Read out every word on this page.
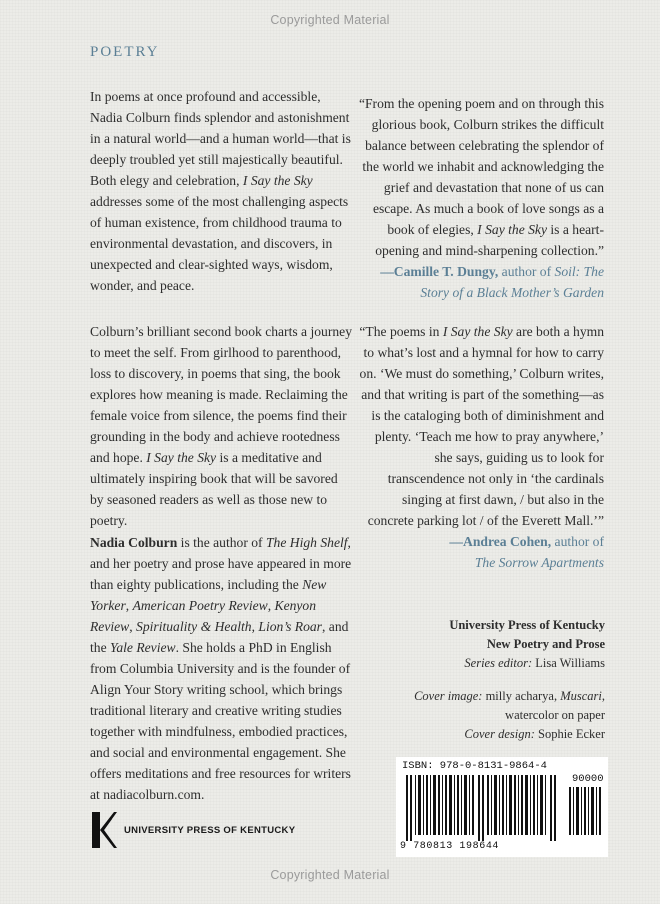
Copyrighted Material
POETRY

In poems at once profound and accessible, Nadia Colburn finds splendor and astonishment in a natural world—and a human world—that is deeply troubled yet still majestically beautiful. Both elegy and celebration, I Say the Sky addresses some of the most challenging aspects of human existence, from childhood trauma to environmental devastation, and discovers, in unexpected and clear-sighted ways, wisdom, wonder, and peace.

Colburn’s brilliant second book charts a journey to meet the self. From girlhood to parenthood, loss to discovery, in poems that sing, the book explores how meaning is made. Reclaiming the female voice from silence, the poems find their grounding in the body and achieve rootedness and hope. I Say the Sky is a meditative and ultimately inspiring book that will be savored by seasoned readers as well as those new to poetry.

Nadia Colburn is the author of The High Shelf, and her poetry and prose have appeared in more than eighty publications, including the New Yorker, American Poetry Review, Kenyon Review, Spirituality & Health, Lion’s Roar, and the Yale Review. She holds a PhD in English from Columbia University and is the founder of Align Your Story writing school, which brings traditional literary and creative writing studies together with mindfulness, embodied practices, and social and environmental engagement. She offers meditations and free resources for writers at nadiacolburn.com.

“From the opening poem and on through this glorious book, Colburn strikes the difficult balance between celebrating the splendor of the world we inhabit and acknowledging the grief and devastation that none of us can escape. As much a book of love songs as a book of elegies, I Say the Sky is a heart-opening and mind-sharpening collection.”
—Camille T. Dungy, author of Soil: The Story of a Black Mother’s Garden

“The poems in I Say the Sky are both a hymn to what’s lost and a hymnal for how to carry on. ‘We must do something,’ Colburn writes, and that writing is part of the something—as is the cataloging both of diminishment and plenty. ‘Teach me how to pray anywhere,’ she says, guiding us to look for transcendence not only in ‘the cardinals singing at first dawn, / but also in the concrete parking lot / of the Everett Mall.’”
—Andrea Cohen, author of
The Sorrow Apartments

University Press of Kentucky
New Poetry and Prose
Series editor: Lisa Williams
Cover image: milly acharya, Muscari, watercolor on paper
Cover design: Sophie Ecker
UNIVERSITY PRESS OF KENTUCKY
ISBN: 978-0-8131-9864-4
90000
9 780813 198644
Copyrighted Material
